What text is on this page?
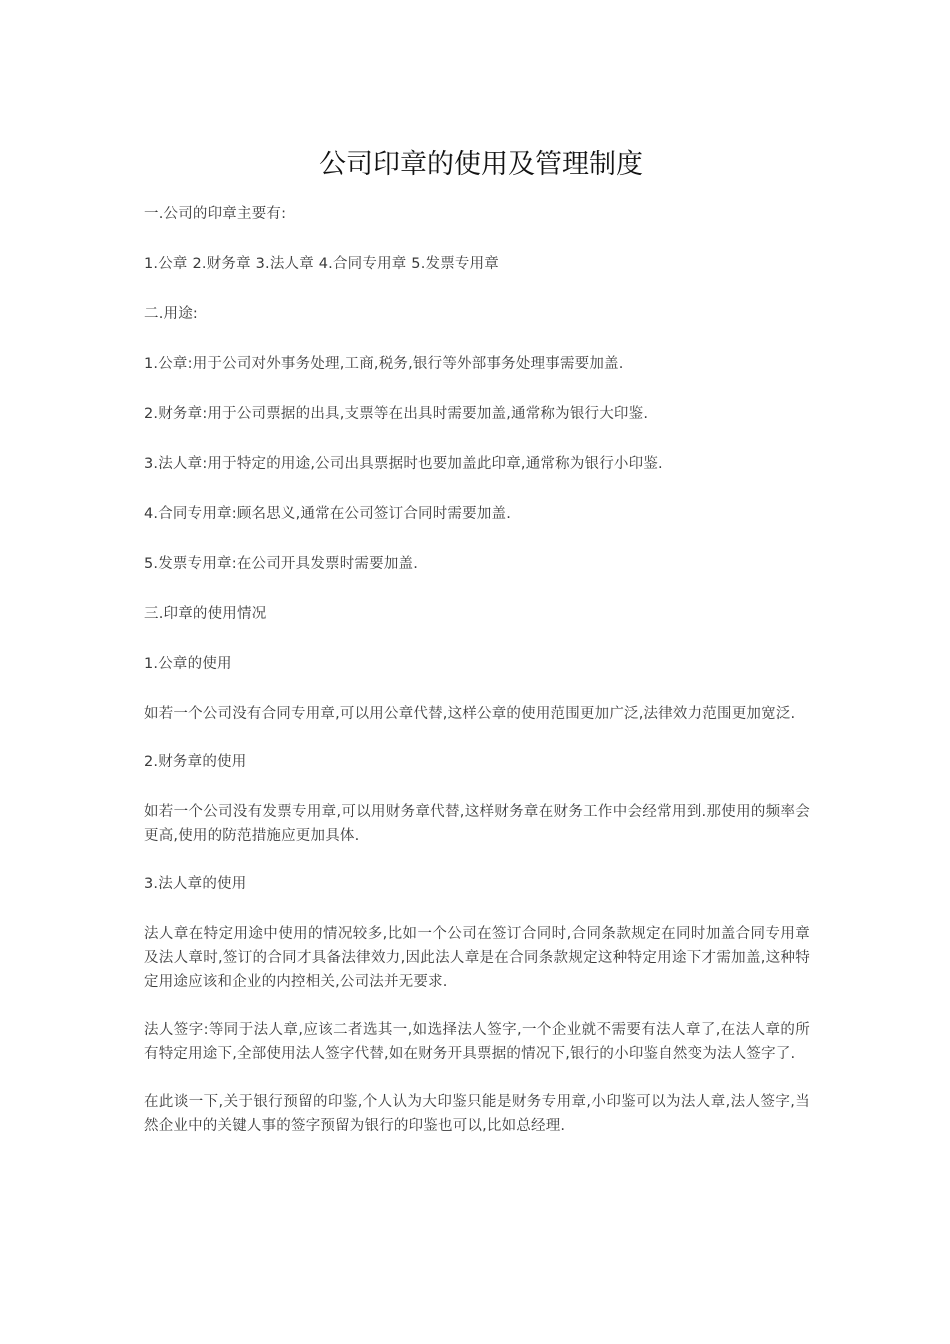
公司印章的使用及管理制度

一.公司的印章主要有:

1.公章 2.财务章 3.法人章 4.合同专用章 5.发票专用章

二.用途:

1.公章:用于公司对外事务处理,工商,税务,银行等外部事务处理事需要加盖.

2.财务章:用于公司票据的出具,支票等在出具时需要加盖,通常称为银行大印鉴.

3.法人章:用于特定的用途,公司出具票据时也要加盖此印章,通常称为银行小印鉴.

4.合同专用章:顾名思义,通常在公司签订合同时需要加盖.

5.发票专用章:在公司开具发票时需要加盖.

三.印章的使用情况

1.公章的使用

如若一个公司没有合同专用章,可以用公章代替,这样公章的使用范围更加广泛,法律效力范围更加宽泛.

2.财务章的使用

如若一个公司没有发票专用章,可以用财务章代替,这样财务章在财务工作中会经常用到.那使用的频率会更高,使用的防范措施应更加具体.

3.法人章的使用

法人章在特定用途中使用的情况较多,比如一个公司在签订合同时,合同条款规定在同时加盖合同专用章及法人章时,签订的合同才具备法律效力,因此法人章是在合同条款规定这种特定用途下才需加盖,这种特定用途应该和企业的内控相关,公司法并无要求.

法人签字:等同于法人章,应该二者选其一,如选择法人签字,一个企业就不需要有法人章了,在法人章的所有特定用途下,全部使用法人签字代替,如在财务开具票据的情况下,银行的小印鉴自然变为法人签字了.

在此谈一下,关于银行预留的印鉴,个人认为大印鉴只能是财务专用章,小印鉴可以为法人章,法人签字,当然企业中的关键人事的签字预留为银行的印鉴也可以,比如总经理.
